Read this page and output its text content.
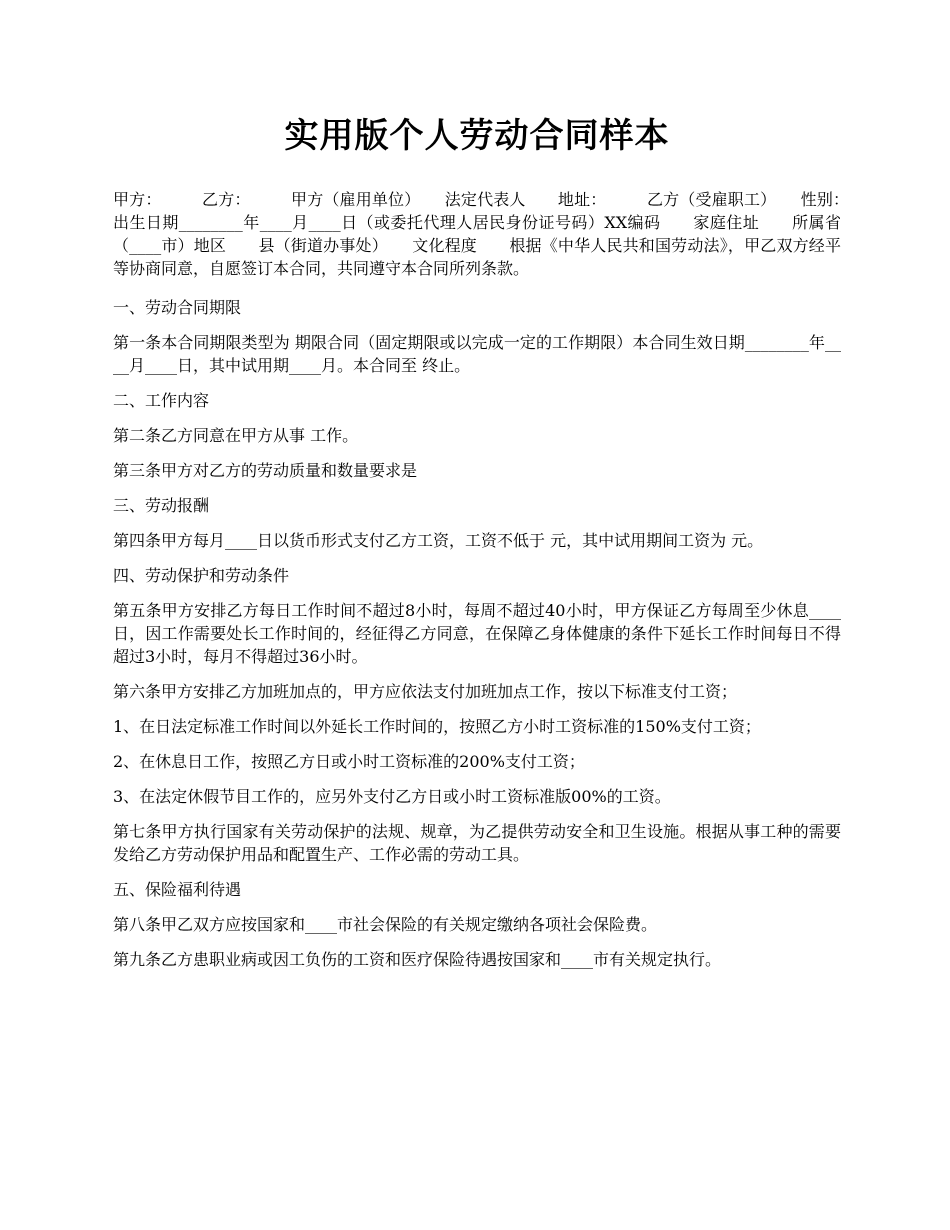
实用版个人劳动合同样本

甲方：　　　乙方：　　　甲方（雇用单位）　　法定代表人　　地址：　　　乙方（受雇职工）　　性别：　　　出生日期________年____月____日（或委托代理人居民身份证号码）XX编码　　家庭住址　　所属省（____市）地区　　县（街道办事处）　　文化程度　　根据《中华人民共和国劳动法》，甲乙双方经平等协商同意，自愿签订本合同，共同遵守本合同所列条款。

一、劳动合同期限

第一条本合同期限类型为 期限合同（固定期限或以完成一定的工作期限）本合同生效日期________年____月____日，其中试用期____月。本合同至 终止。

二、工作内容

第二条乙方同意在甲方从事 工作。

第三条甲方对乙方的劳动质量和数量要求是

三、劳动报酬

第四条甲方每月____日以货币形式支付乙方工资，工资不低于 元，其中试用期间工资为 元。

四、劳动保护和劳动条件

第五条甲方安排乙方每日工作时间不超过8小时，每周不超过40小时，甲方保证乙方每周至少休息____日，因工作需要处长工作时间的，经征得乙方同意，在保障乙身体健康的条件下延长工作时间每日不得超过3小时，每月不得超过36小时。

第六条甲方安排乙方加班加点的，甲方应依法支付加班加点工作，按以下标准支付工资；

1、在日法定标准工作时间以外延长工作时间的，按照乙方小时工资标准的150%支付工资；

2、在休息日工作，按照乙方日或小时工资标准的200%支付工资；

3、在法定休假节目工作的，应另外支付乙方日或小时工资标准版00%的工资。

第七条甲方执行国家有关劳动保护的法规、规章，为乙提供劳动安全和卫生设施。根据从事工种的需要发给乙方劳动保护用品和配置生产、工作必需的劳动工具。

五、保险福利待遇

第八条甲乙双方应按国家和____市社会保险的有关规定缴纳各项社会保险费。

第九条乙方患职业病或因工负伤的工资和医疗保险待遇按国家和____市有关规定执行。
